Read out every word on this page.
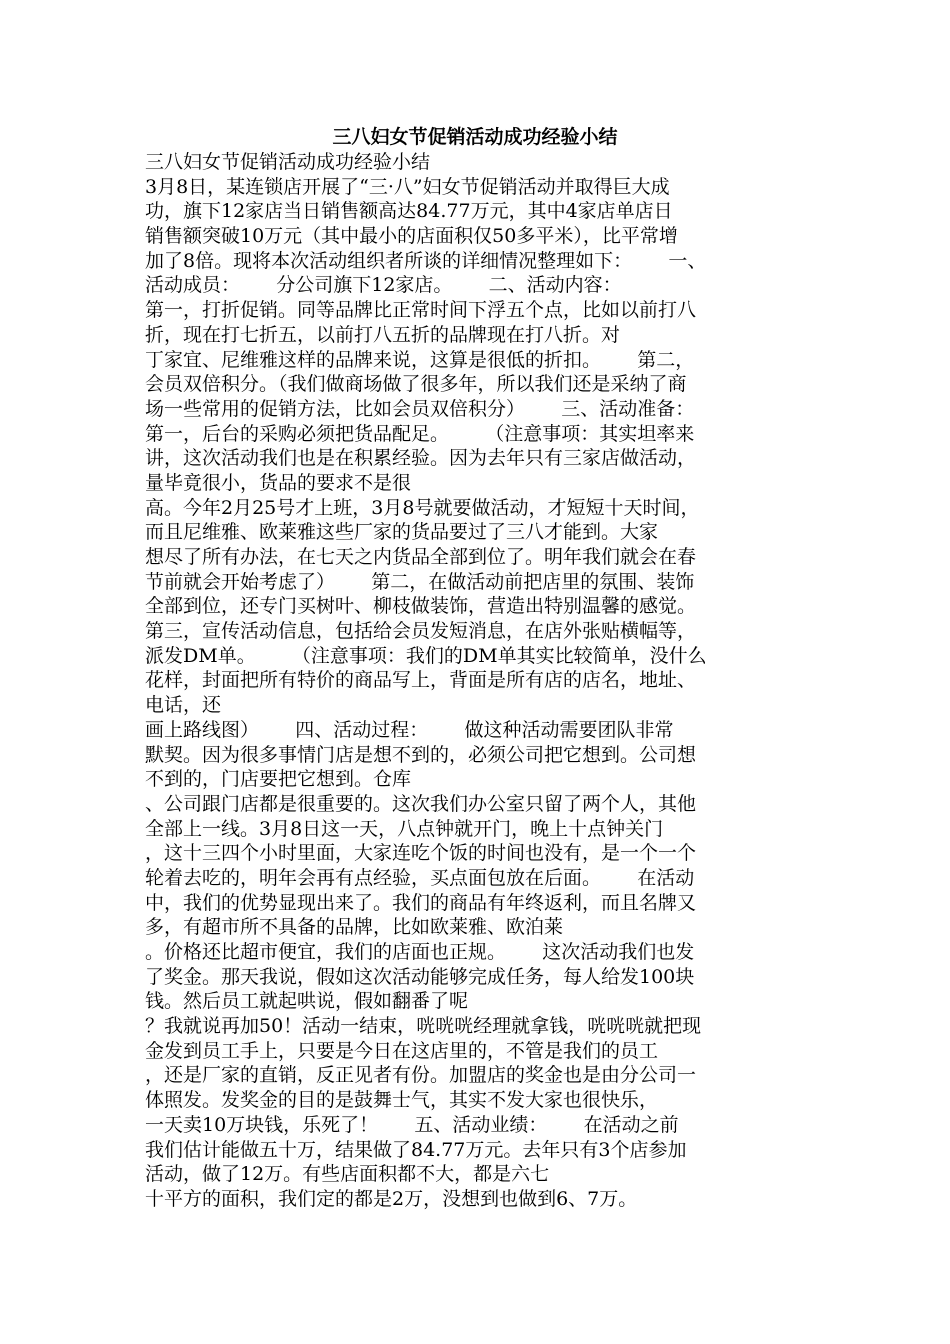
三八妇女节促销活动成功经验小结
三八妇女节促销活动成功经验小结
3月8日，某连锁店开展了“三·八”妇女节促销活动并取得巨大成
功，旗下12家店当日销售额高达84.77万元，其中4家店单店日
销售额突破10万元（其中最小的店面积仅50多平米），比平常增
加了8倍。现将本次活动组织者所谈的详细情况整理如下：      一、
活动成员：      分公司旗下12家店。      二、活动内容：
第一，打折促销。同等品牌比正常时间下浮五个点，比如以前打八
折，现在打七折五，以前打八五折的品牌现在打八折。对
丁家宜、尼维雅这样的品牌来说，这算是很低的折扣。      第二，
会员双倍积分。（我们做商场做了很多年，所以我们还是采纳了商
场一些常用的促销方法，比如会员双倍积分）      三、活动准备：
第一，后台的采购必须把货品配足。      （注意事项：其实坦率来
讲，这次活动我们也是在积累经验。因为去年只有三家店做活动，
量毕竟很小，货品的要求不是很
高。今年2月25号才上班，3月8号就要做活动，才短短十天时间，
而且尼维雅、欧莱雅这些厂家的货品要过了三八才能到。大家
想尽了所有办法，在七天之内货品全部到位了。明年我们就会在春
节前就会开始考虑了）      第二，在做活动前把店里的氛围、装饰
全部到位，还专门买树叶、柳枝做装饰，营造出特别温馨的感觉。
第三，宣传活动信息，包括给会员发短消息，在店外张贴横幅等，
派发DM单。      （注意事项：我们的DM单其实比较简单，没什么
花样，封面把所有特价的商品写上，背面是所有店的店名，地址、
电话，还
画上路线图）      四、活动过程：      做这种活动需要团队非常
默契。因为很多事情门店是想不到的，必须公司把它想到。公司想
不到的，门店要把它想到。仓库
、公司跟门店都是很重要的。这次我们办公室只留了两个人，其他
全部上一线。3月8日这一天，八点钟就开门，晚上十点钟关门
，这十三四个小时里面，大家连吃个饭的时间也没有，是一个一个
轮着去吃的，明年会再有点经验，买点面包放在后面。      在活动
中，我们的优势显现出来了。我们的商品有年终返利，而且名牌又
多，有超市所不具备的品牌，比如欧莱雅、欧泊莱
。价格还比超市便宜，我们的店面也正规。      这次活动我们也发
了奖金。那天我说，假如这次活动能够完成任务，每人给发100块
钱。然后员工就起哄说，假如翻番了呢
？我就说再加50！活动一结束，咣咣咣经理就拿钱，咣咣咣就把现
金发到员工手上，只要是今日在这店里的，不管是我们的员工
，还是厂家的直销，反正见者有份。加盟店的奖金也是由分公司一
体照发。发奖金的目的是鼓舞士气，其实不发大家也很快乐，
一天卖10万块钱，乐死了！      五、活动业绩：      在活动之前
我们估计能做五十万，结果做了84.77万元。去年只有3个店参加
活动，做了12万。有些店面积都不大，都是六七
十平方的面积，我们定的都是2万，没想到也做到6、7万。
